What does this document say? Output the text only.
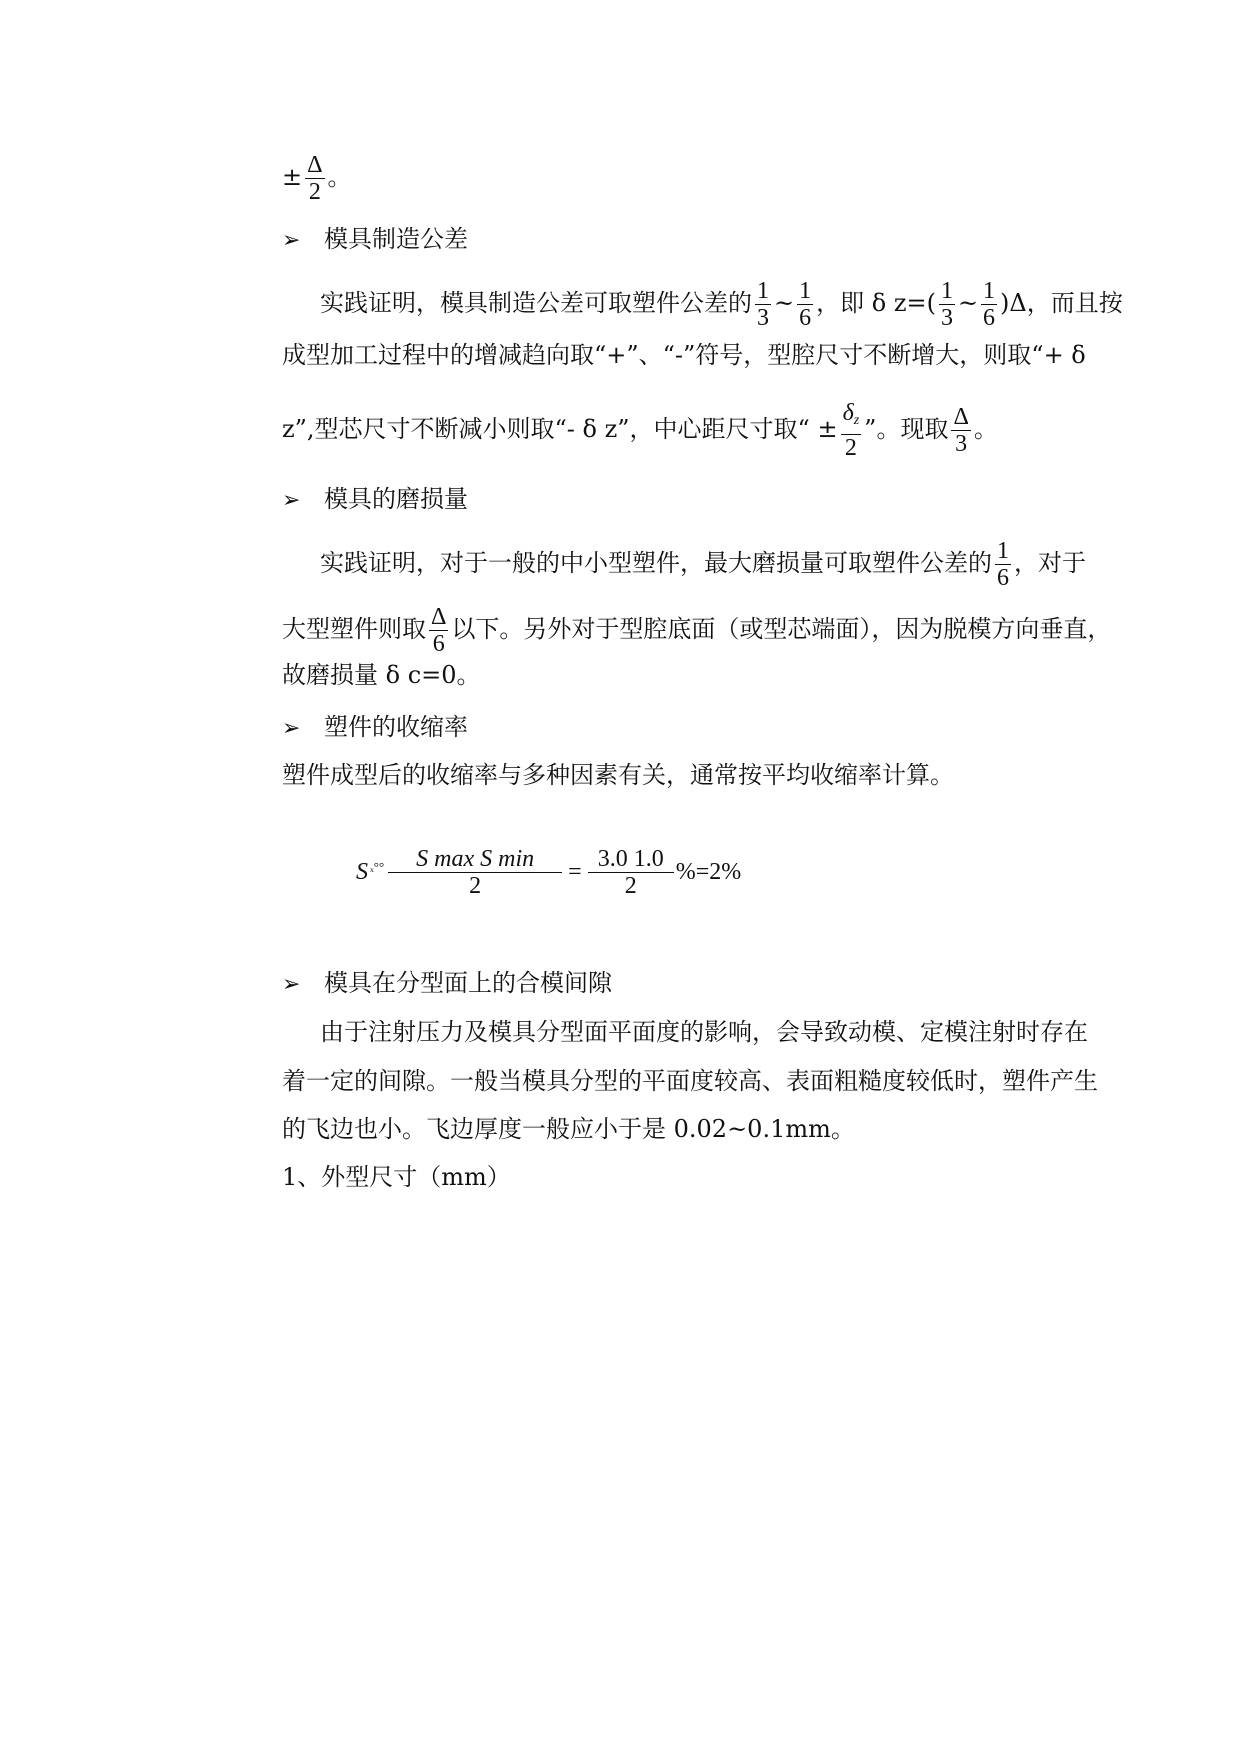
± $\frac{\Delta}{2}$ 。
➢ 模具制造公差
实践证明，模具制造公差可取塑件公差的 $\frac{1}{3}$ ~ $\frac{1}{6}$ ，即 δ $z=( \frac{1}{3}$ ~ $\frac{1}{6} )\Delta$，而且按
成型加工过程中的增减趋向取“+”、“-”符号，型腔尺寸不断增大，则取“+ δ
z”,型芯尺寸不断减小则取“- δ z”，中心距尺寸取“ ± $\frac{\delta_z}{2}$ ”。现取 $\frac{\Delta}{3}$ 。
➢ 模具的磨损量
实践证明，对于一般的中小型塑件，最大磨损量可取塑件公差的 $\frac{1}{6}$ ，对于
大型塑件则取 $\frac{\Delta}{6}$ 以下。另外对于型腔底面（或型芯端面），因为脱模方向垂直，
故磨损量 δ c=0。
➢ 塑件的收缩率
塑件成型后的收缩率与多种因素有关，通常按平均收缩率计算。
S $_x^\circ^\circ \frac{\text{S max S min}}{2} = \frac{3.0 1.0}{2} \%=2\%$
➢ 模具在分型面上的合模间隙
由于注射压力及模具分型面平面度的影响，会导致动模、定模注射时存在
着一定的间隙。一般当模具分型的平面度较高、表面粗糙度较低时，塑件产生
的飞边也小。飞边厚度一般应小于是 0.02~0.1mm。
1、外型尺寸（mm）
